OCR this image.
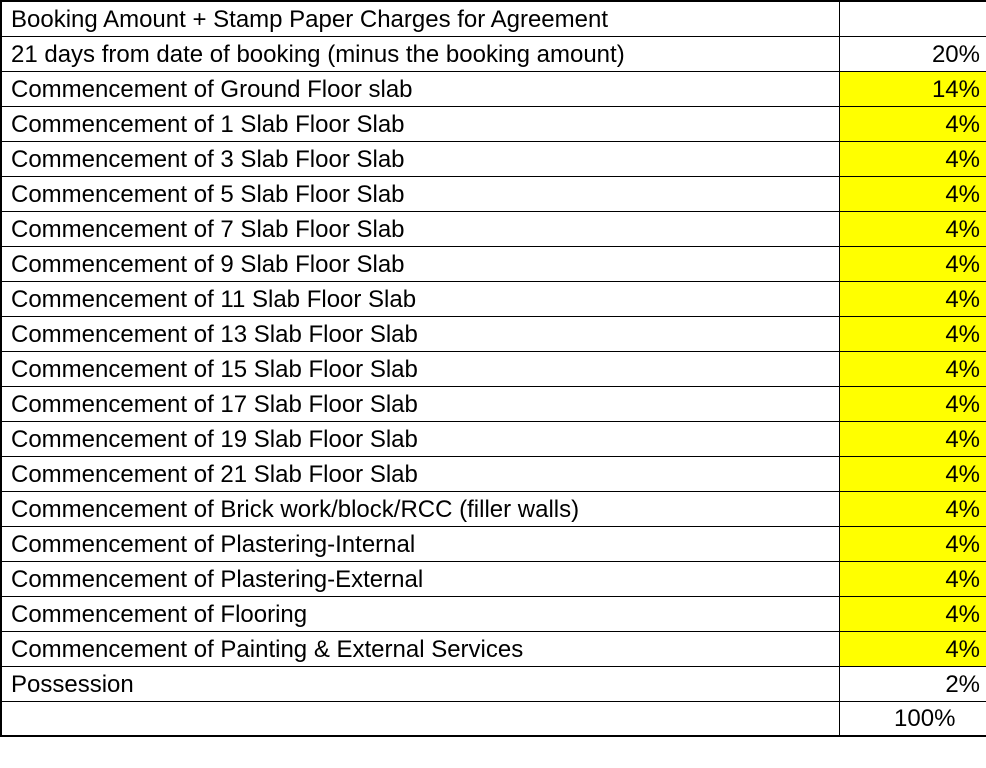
Booking Amount + Stamp Paper Charges for Agreement	
21 days from date of booking (minus the booking amount)	20%
Commencement of Ground Floor slab	14%
Commencement of 1 Slab Floor Slab	4%
Commencement of 3 Slab Floor Slab	4%
Commencement of 5 Slab Floor Slab	4%
Commencement of 7 Slab Floor Slab	4%
Commencement of 9 Slab Floor Slab	4%
Commencement of 11 Slab Floor Slab	4%
Commencement of 13 Slab Floor Slab	4%
Commencement of 15 Slab Floor Slab	4%
Commencement of 17 Slab Floor Slab	4%
Commencement of 19 Slab Floor Slab	4%
Commencement of 21 Slab Floor Slab	4%
Commencement of Brick work/block/RCC (filler walls)	4%
Commencement of Plastering-Internal	4%
Commencement of Plastering-External	4%
Commencement of Flooring	4%
Commencement of Painting & External Services	4%
Possession	2%
	100%
